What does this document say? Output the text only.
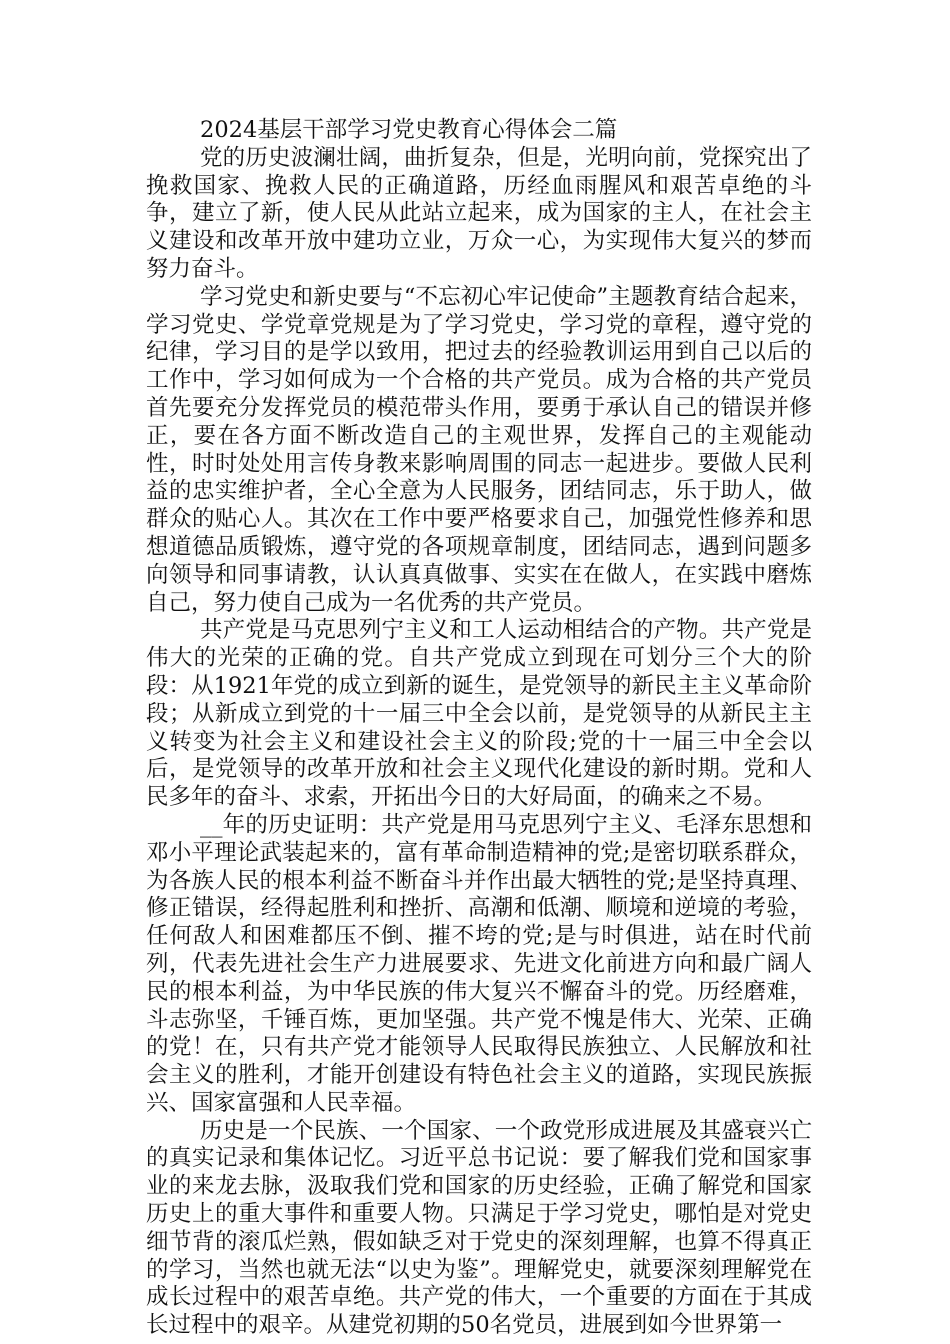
2024基层干部学习党史教育心得体会二篇

党的历史波澜壮阔，曲折复杂，但是，光明向前，党探究出了挽救国家、挽救人民的正确道路，历经血雨腥风和艰苦卓绝的斗争，建立了新，使人民从此站立起来，成为国家的主人，在社会主义建设和改革开放中建功立业，万众一心，为实现伟大复兴的梦而努力奋斗。

学习党史和新史要与“不忘初心牢记使命”主题教育结合起来，学习党史、学党章党规是为了学习党史，学习党的章程，遵守党的纪律，学习目的是学以致用，把过去的经验教训运用到自己以后的工作中，学习如何成为一个合格的共产党员。成为合格的共产党员首先要充分发挥党员的模范带头作用，要勇于承认自己的错误并修正，要在各方面不断改造自己的主观世界，发挥自己的主观能动性，时时处处用言传身教来影响周围的同志一起进步。要做人民利益的忠实维护者，全心全意为人民服务，团结同志，乐于助人，做群众的贴心人。其次在工作中要严格要求自己，加强党性修养和思想道德品质锻炼，遵守党的各项规章制度，团结同志，遇到问题多向领导和同事请教，认认真真做事、实实在在做人，在实践中磨炼自己，努力使自己成为一名优秀的共产党员。

共产党是马克思列宁主义和工人运动相结合的产物。共产党是伟大的光荣的正确的党。自共产党成立到现在可划分三个大的阶段：从1921年党的成立到新的诞生，是党领导的新民主主义革命阶段；从新成立到党的十一届三中全会以前，是党领导的从新民主主义转变为社会主义和建设社会主义的阶段;党的十一届三中全会以后，是党领导的改革开放和社会主义现代化建设的新时期。党和人民多年的奋斗、求索，开拓出今日的大好局面，的确来之不易。

__年的历史证明：共产党是用马克思列宁主义、毛泽东思想和邓小平理论武装起来的，富有革命制造精神的党;是密切联系群众，为各族人民的根本利益不断奋斗并作出最大牺牲的党;是坚持真理、修正错误，经得起胜利和挫折、高潮和低潮、顺境和逆境的考验，任何敌人和困难都压不倒、摧不垮的党;是与时俱进，站在时代前列，代表先进社会生产力进展要求、先进文化前进方向和最广阔人民的根本利益，为中华民族的伟大复兴不懈奋斗的党。历经磨难，斗志弥坚，千锤百炼，更加坚强。共产党不愧是伟大、光荣、正确的党！在，只有共产党才能领导人民取得民族独立、人民解放和社会主义的胜利，才能开创建设有特色社会主义的道路，实现民族振兴、国家富强和人民幸福。

历史是一个民族、一个国家、一个政党形成进展及其盛衰兴亡的真实记录和集体记忆。习近平总书记说：要了解我们党和国家事业的来龙去脉，汲取我们党和国家的历史经验，正确了解党和国家历史上的重大事件和重要人物。只满足于学习党史，哪怕是对党史细节背的滚瓜烂熟，假如缺乏对于党史的深刻理解，也算不得真正的学习，当然也就无法“以史为鉴”。理解党史，就要深刻理解党在成长过程中的艰苦卓绝。共产党的伟大，一个重要的方面在于其成长过程中的艰辛。从建党初期的50名党员，进展到如今世界第一
